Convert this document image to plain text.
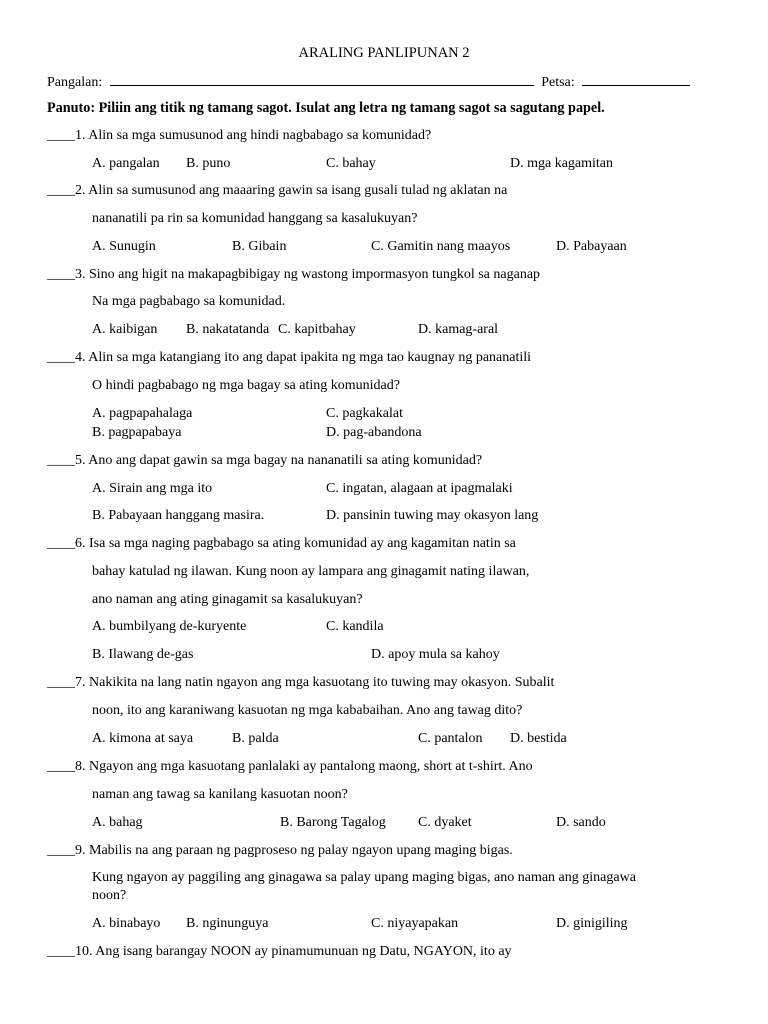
ARALING PANLIPUNAN 2
Pangalan:	Petsa:
Panuto: Piliin ang titik ng tamang sagot. Isulat ang letra ng tamang sagot sa sagutang papel.
____1. Alin sa mga sumusunod ang hindi nagbabago sa komunidad?
A. pangalan B. puno	C. bahay	D. mga kagamitan
____2. Alin sa sumusunod ang maaaring gawin sa isang gusali tulad ng aklatan na
nananatili pa rin sa komunidad hanggang sa kasalukuyan?
A. Sunugin	B. Gibain	C. Gamitin nang maayos	D. Pabayaan
____3. Sino ang higit na makapagbibigay ng wastong impormasyon tungkol sa naganap
Na mga pagbabago sa komunidad.
A. kaibigan B. nakatatanda C. kapitbahay	D. kamag-aral
____4. Alin sa mga katangiang ito ang dapat ipakita ng mga tao kaugnay ng pananatili
O hindi pagbabago ng mga bagay sa ating komunidad?
A. pagpapahalaga	C. pagkakalat
B. pagpapabaya	D. pag-abandona
____5. Ano ang dapat gawin sa mga bagay na nananatili sa ating komunidad?
A. Sirain ang mga ito	C. ingatan, alagaan at ipagmalaki
B. Pabayaan hanggang masira.	D. pansinin tuwing may okasyon lang
____6. Isa sa mga naging pagbabago sa ating komunidad ay ang kagamitan natin sa
bahay katulad ng ilawan. Kung noon ay lampara ang ginagamit nating ilawan,
ano naman ang ating ginagamit sa kasalukuyan?
A. bumbilyang de-kuryente	C. kandila
B. Ilawang de-gas	D. apoy mula sa kahoy
____7. Nakikita na lang natin ngayon ang mga kasuotang ito tuwing may okasyon. Subalit
noon, ito ang karaniwang kasuotan ng mga kababaihan. Ano ang tawag dito?
A. kimona at saya	B. palda	C. pantalon D. bestida
____8. Ngayon ang mga kasuotang panlalaki ay pantalong maong, short at t-shirt. Ano
naman ang tawag sa kanilang kasuotan noon?
A. bahag	B. Barong Tagalog C. dyaket	D. sando
____9. Mabilis na ang paraan ng pagproseso ng palay ngayon upang maging bigas.
Kung ngayon ay paggiling ang ginagawa sa palay upang maging bigas, ano naman ang ginagawa
noon?
A. binabayo B. nginunguya	C. niyayapakan	D. ginigiling
____10. Ang isang barangay NOON ay pinamumunuan ng Datu, NGAYON, ito ay
